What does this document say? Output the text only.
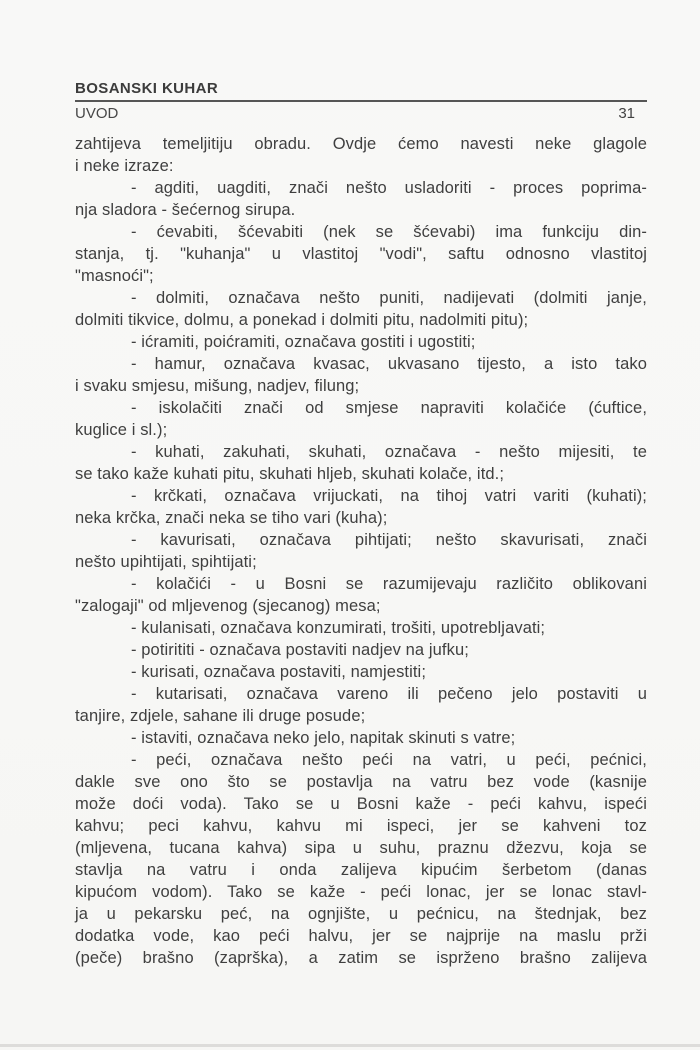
BOSANSKI KUHAR
UVOD	31
zahtijeva temeljitiju obradu. Ovdje ćemo navesti neke glagole
i neke izraze:
- agditi, uagditi, znači nešto usladoriti - proces poprima-
nja sladora - šećernog sirupa.
- ćevabiti, šćevabiti (nek se šćevabi) ima funkciju din-
stanja, tj. "kuhanja" u vlastitoj "vodi", saftu odnosno vlastitoj
"masnoći";
- dolmiti, označava nešto puniti, nadijevati (dolmiti janje,
dolmiti tikvice, dolmu, a ponekad i dolmiti pitu, nadolmiti pitu);
- ićramiti, poićramiti, označava gostiti i ugostiti;
- hamur, označava kvasac, ukvasano tijesto, a isto tako
i svaku smjesu, mišung, nadjev, filung;
- iskolačiti znači od smjese napraviti kolačiće (ćuftice,
kuglice i sl.);
- kuhati, zakuhati, skuhati, označava - nešto mijesiti, te
se tako kaže kuhati pitu, skuhati hljeb, skuhati kolače, itd.;
- krčkati, označava vrijuckati, na tihoj vatri variti (kuhati);
neka krčka, znači neka se tiho vari (kuha);
- kavurisati, označava pihtijati; nešto skavurisati, znači
nešto upihtijati, spihtijati;
- kolačići - u Bosni se razumijevaju različito oblikovani
"zalogaji" od mljevenog (sjecanog) mesa;
- kulanisati, označava konzumirati, trošiti, upotrebljavati;
- potirititi - označava postaviti nadjev na jufku;
- kurisati, označava postaviti, namjestiti;
- kutarisati, označava vareno ili pečeno jelo postaviti u
tanjire, zdjele, sahane ili druge posude;
- istaviti, označava neko jelo, napitak skinuti s vatre;
- peći, označava nešto peći na vatri, u peći, pećnici,
dakle sve ono što se postavlja na vatru bez vode (kasnije
može doći voda). Tako se u Bosni kaže - peći kahvu, ispeći
kahvu; peci kahvu, kahvu mi ispeci, jer se kahveni toz
(mljevena, tucana kahva) sipa u suhu, praznu džezvu, koja se
stavlja na vatru i onda zalijeva kipućim šerbetom (danas
kipućom vodom). Tako se kaže - peći lonac, jer se lonac stavl-
ja u pekarsku peć, na ognjište, u pećnicu, na štednjak, bez
dodatka vode, kao peći halvu, jer se najprije na maslu prži
(peče) brašno (zaprška), a zatim se isprženo brašno zalijeva
